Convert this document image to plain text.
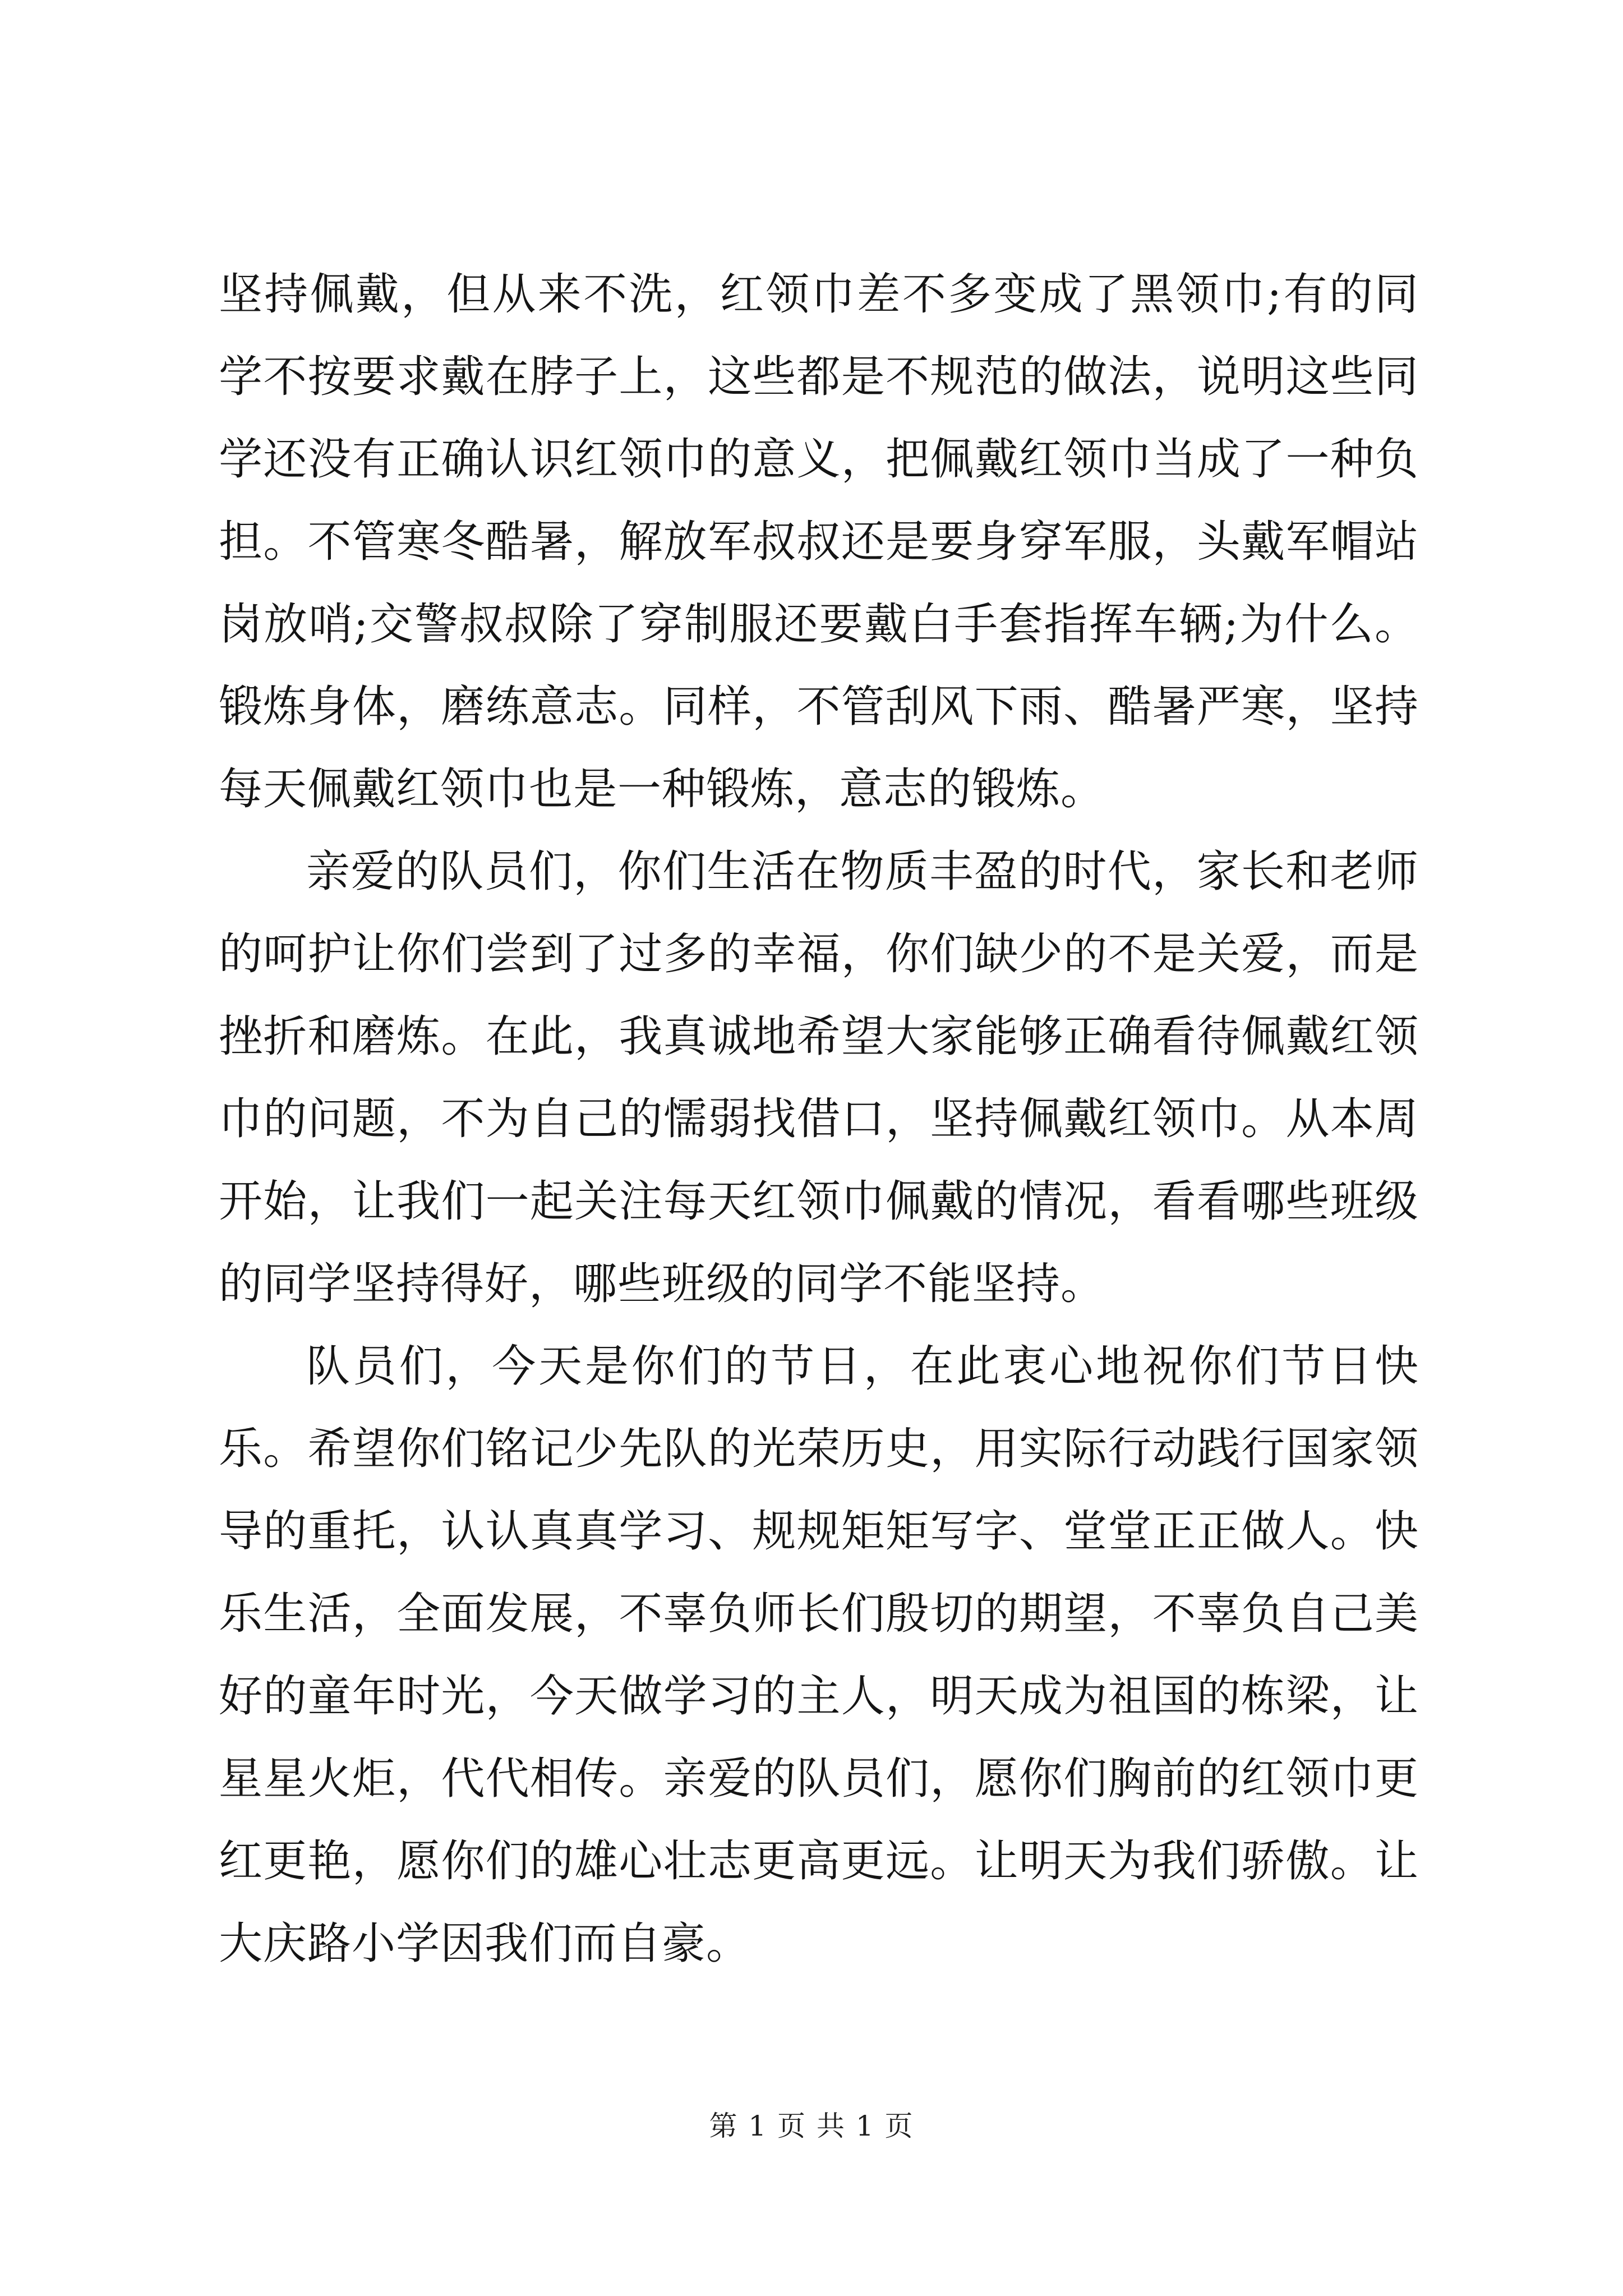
坚持佩戴，但从来不洗，红领巾差不多变成了黑领巾;有的同学不按要求戴在脖子上，这些都是不规范的做法，说明这些同学还没有正确认识红领巾的意义，把佩戴红领巾当成了一种负担。不管寒冬酷暑，解放军叔叔还是要身穿军服，头戴军帽站岗放哨;交警叔叔除了穿制服还要戴白手套指挥车辆;为什么。锻炼身体，磨练意志。同样，不管刮风下雨、酷暑严寒，坚持每天佩戴红领巾也是一种锻炼，意志的锻炼。

亲爱的队员们，你们生活在物质丰盈的时代，家长和老师的呵护让你们尝到了过多的幸福，你们缺少的不是关爱，而是挫折和磨炼。在此，我真诚地希望大家能够正确看待佩戴红领巾的问题，不为自己的懦弱找借口，坚持佩戴红领巾。从本周开始，让我们一起关注每天红领巾佩戴的情况，看看哪些班级的同学坚持得好，哪些班级的同学不能坚持。

队员们，今天是你们的节日，在此衷心地祝你们节日快乐。希望你们铭记少先队的光荣历史，用实际行动践行国家领导的重托，认认真真学习、规规矩矩写字、堂堂正正做人。快乐生活，全面发展，不辜负师长们殷切的期望，不辜负自己美好的童年时光，今天做学习的主人，明天成为祖国的栋梁，让星星火炬，代代相传。亲爱的队员们，愿你们胸前的红领巾更红更艳，愿你们的雄心壮志更高更远。让明天为我们骄傲。让大庆路小学因我们而自豪。

第 1 页 共 1 页
